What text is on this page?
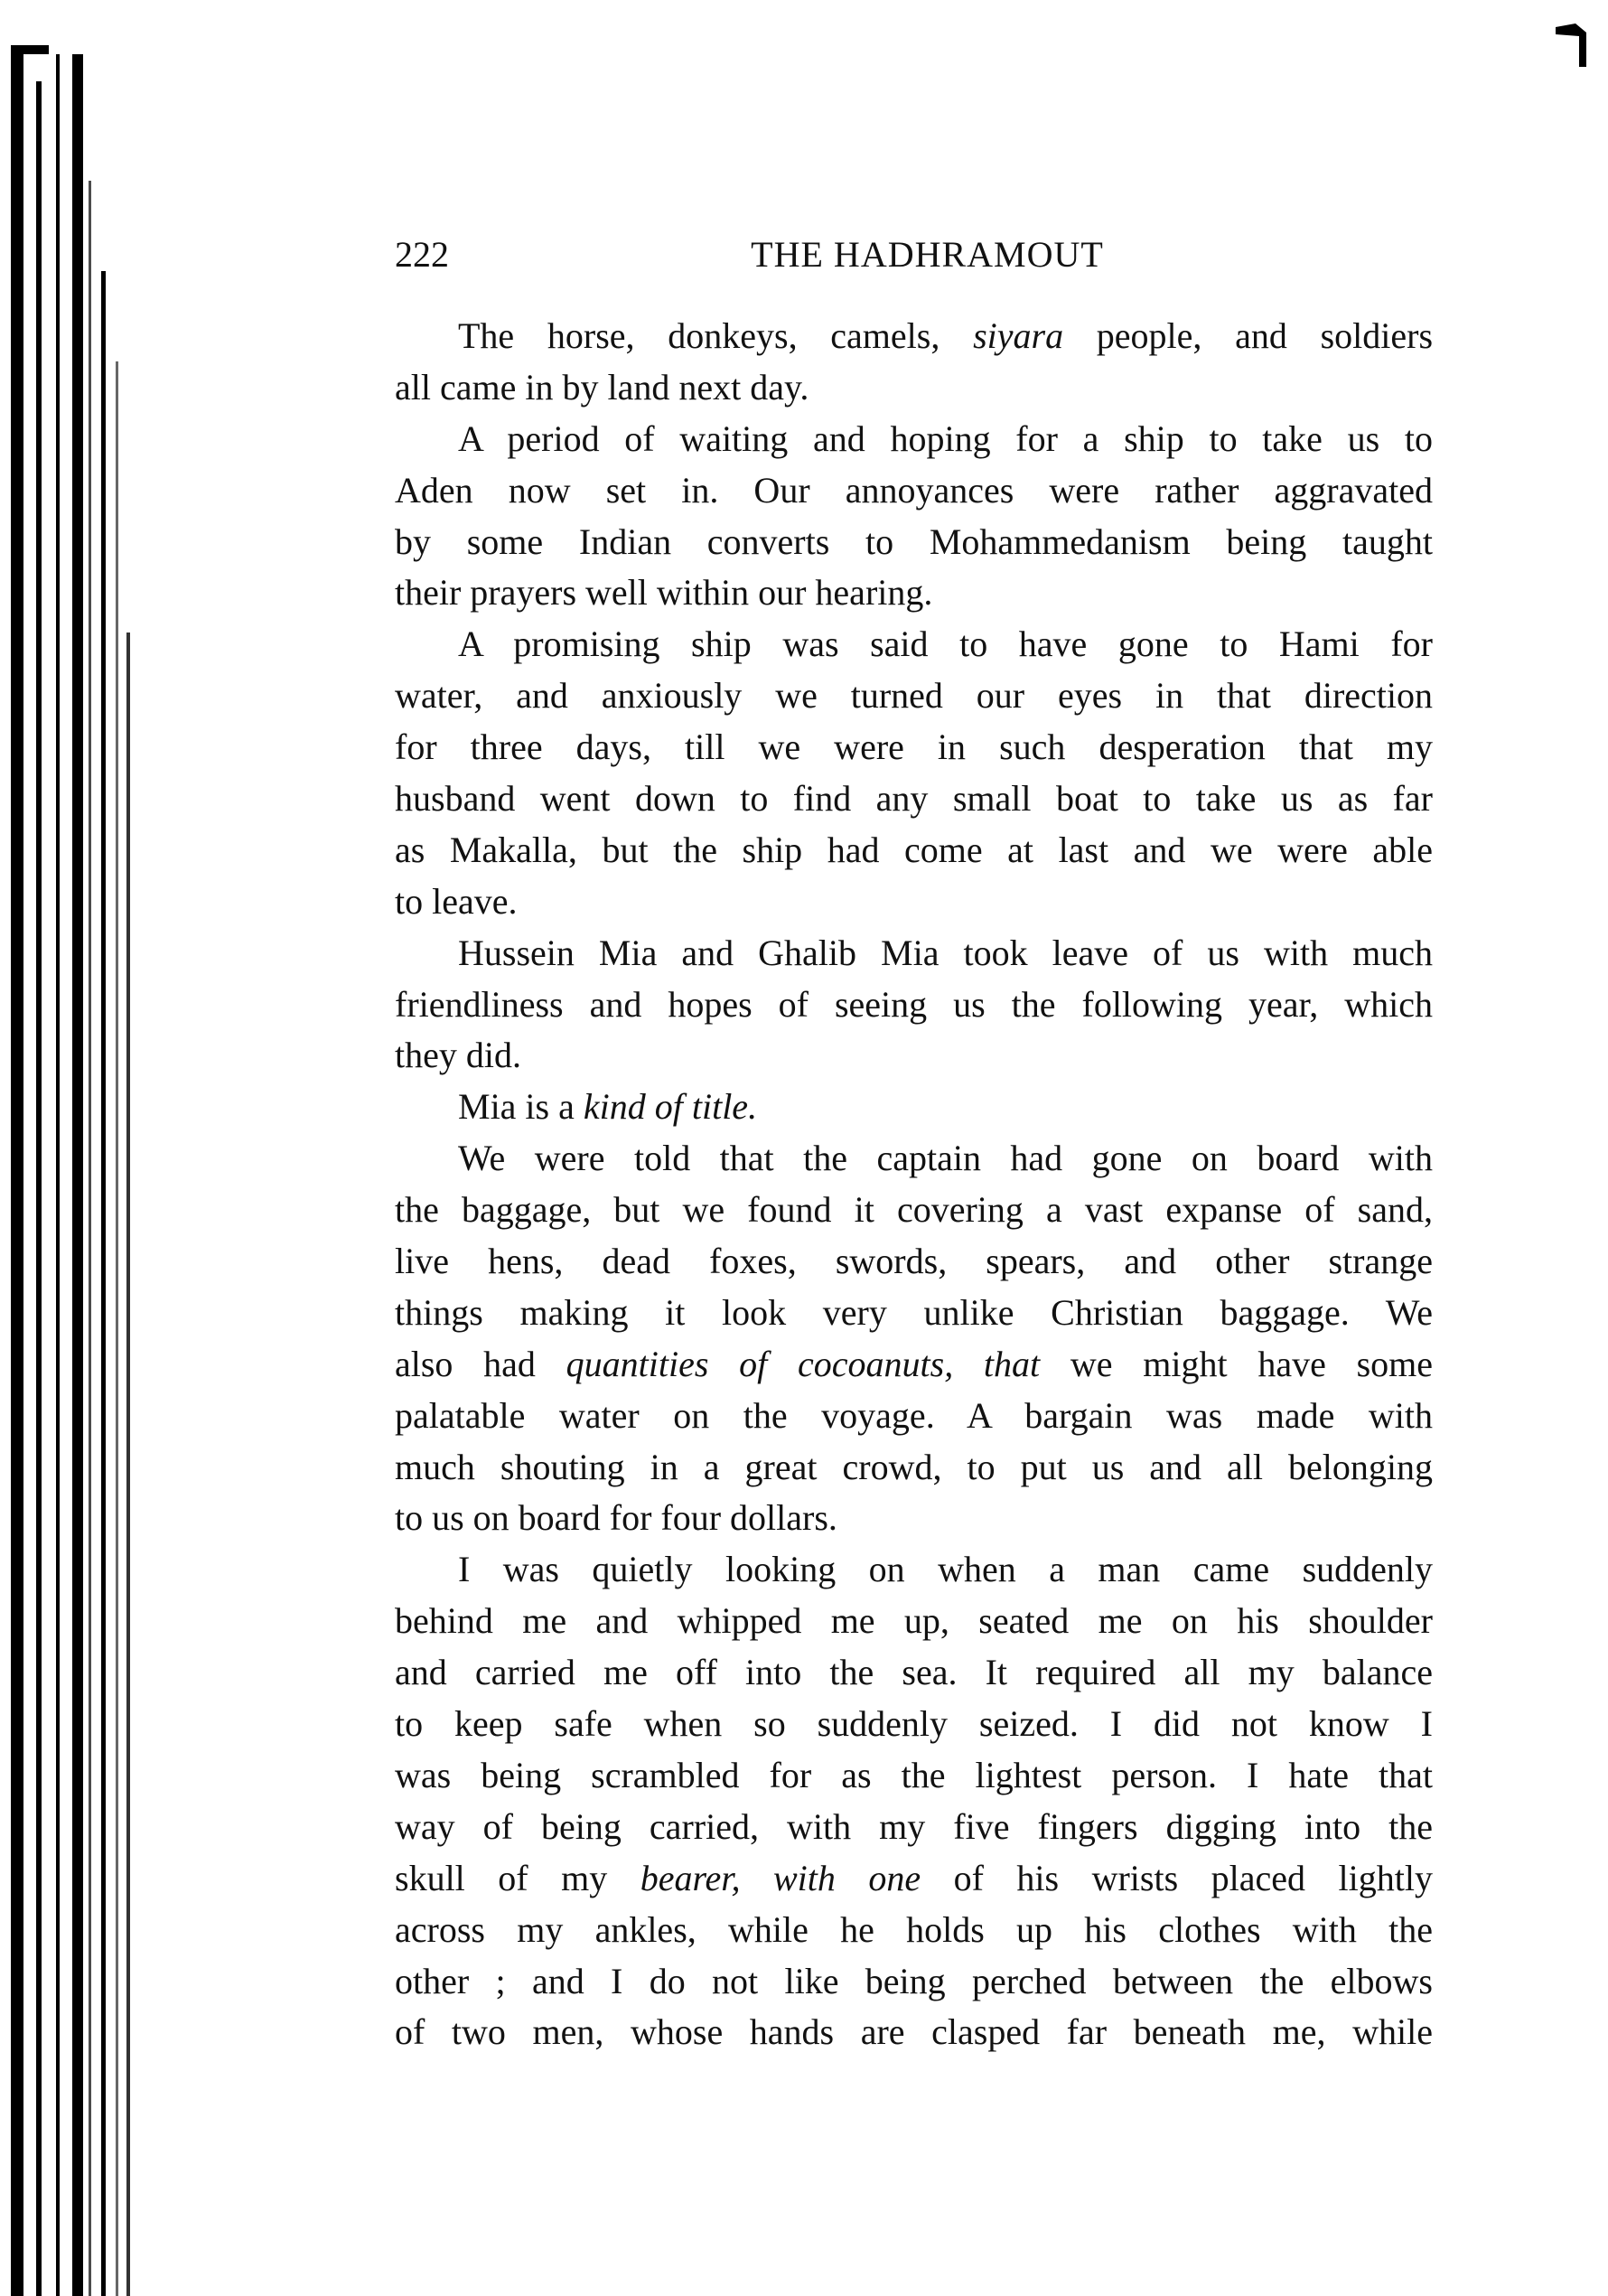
222	THE HADHRAMOUT
The horse, donkeys, camels, siyara people, and soldiers
all came in by land next day.
A period of waiting and hoping for a ship to take us to
Aden now set in. Our annoyances were rather aggravated
by some Indian converts to Mohammedanism being taught
their prayers well within our hearing.
A promising ship was said to have gone to Hami for
water, and anxiously we turned our eyes in that direction
for three days, till we were in such desperation that my
husband went down to find any small boat to take us as far
as Makalla, but the ship had come at last and we were able
to leave.
Hussein Mia and Ghalib Mia took leave of us with much
friendliness and hopes of seeing us the following year, which
they did.
Mia is a kind of title.
We were told that the captain had gone on board with
the baggage, but we found it covering a vast expanse of sand,
live hens, dead foxes, swords, spears, and other strange
things making it look very unlike Christian baggage. We
also had quantities of cocoanuts, that we might have some
palatable water on the voyage. A bargain was made with
much shouting in a great crowd, to put us and all belonging
to us on board for four dollars.
I was quietly looking on when a man came suddenly
behind me and whipped me up, seated me on his shoulder
and carried me off into the sea. It required all my balance
to keep safe when so suddenly seized. I did not know I
was being scrambled for as the lightest person. I hate that
way of being carried, with my five fingers digging into the
skull of my bearer, with one of his wrists placed lightly
across my ankles, while he holds up his clothes with the
other ; and I do not like being perched between the elbows
of two men, whose hands are clasped far beneath me, while
